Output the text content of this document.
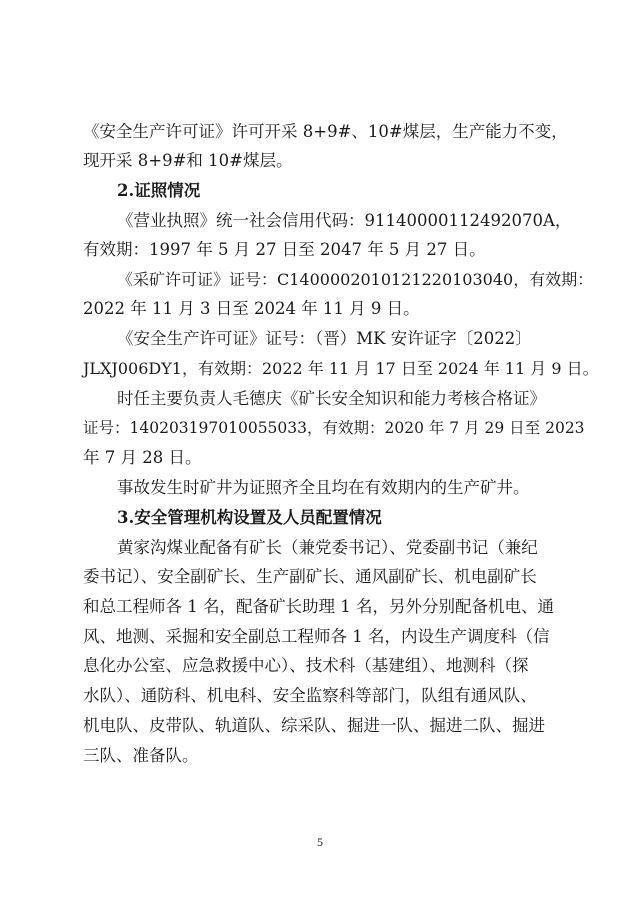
《安全生产许可证》许可开采 8+9#、10#煤层，生产能力不变，
现开采 8+9#和 10#煤层。
2.证照情况
《营业执照》统一社会信用代码：91140000112492070A，
有效期：1997 年 5 月 27 日至 2047 年 5 月 27 日。
《采矿许可证》证号：C1400002010121220103040，有效期：
2022 年 11 月 3 日至 2024 年 11 月 9 日。
《安全生产许可证》证号：（晋）MK 安许证字〔2022〕
JLXJ006DY1，有效期：2022 年 11 月 17 日至 2024 年 11 月 9 日。
时任主要负责人毛德庆《矿长安全知识和能力考核合格证》
证号：140203197010055033，有效期：2020 年 7 月 29 日至 2023
年 7 月 28 日。
事故发生时矿井为证照齐全且均在有效期内的生产矿井。
3.安全管理机构设置及人员配置情况
黄家沟煤业配备有矿长（兼党委书记）、党委副书记（兼纪
委书记）、安全副矿长、生产副矿长、通风副矿长、机电副矿长
和总工程师各 1 名，配备矿长助理 1 名，另外分别配备机电、通
风、地测、采掘和安全副总工程师各 1 名，内设生产调度科（信
息化办公室、应急救援中心）、技术科（基建组）、地测科（探
水队）、通防科、机电科、安全监察科等部门，队组有通风队、
机电队、皮带队、轨道队、综采队、掘进一队、掘进二队、掘进
三队、准备队。
5
